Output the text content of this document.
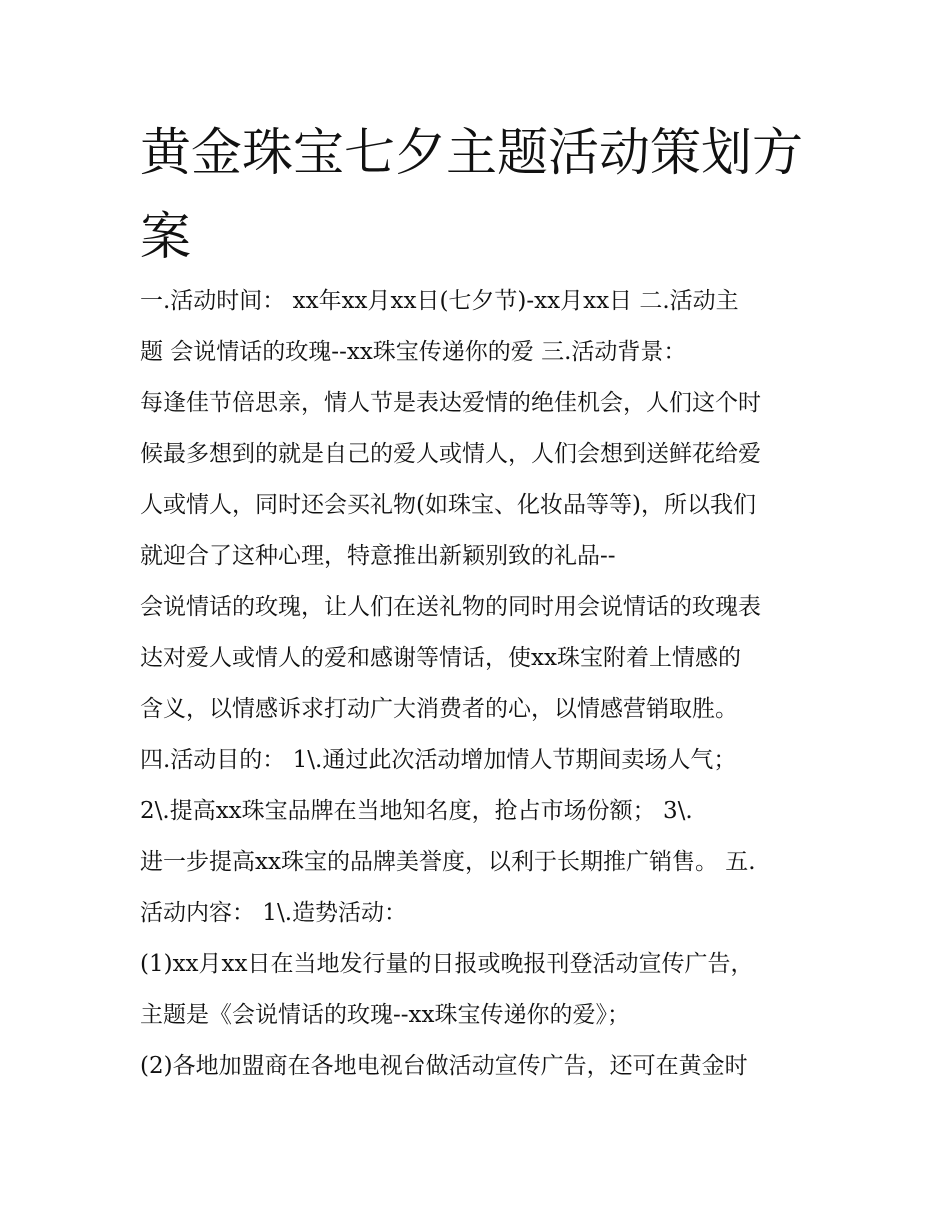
黄金珠宝七夕主题活动策划方
案
一.活动时间： xx年xx月xx日(七夕节)-xx月xx日 二.活动主
题 会说情话的玫瑰--xx珠宝传递你的爱 三.活动背景：
每逢佳节倍思亲，情人节是表达爱情的绝佳机会，人们这个时
候最多想到的就是自己的爱人或情人，人们会想到送鲜花给爱
人或情人，同时还会买礼物(如珠宝、化妆品等等)，所以我们
就迎合了这种心理，特意推出新颖别致的礼品--
会说情话的玫瑰，让人们在送礼物的同时用会说情话的玫瑰表
达对爱人或情人的爱和感谢等情话，使xx珠宝附着上情感的
含义，以情感诉求打动广大消费者的心，以情感营销取胜。
四.活动目的： 1\.通过此次活动增加情人节期间卖场人气；
2\.提高xx珠宝品牌在当地知名度，抢占市场份额； 3\.
进一步提高xx珠宝的品牌美誉度，以利于长期推广销售。 五.
活动内容： 1\.造势活动：
(1)xx月xx日在当地发行量的日报或晚报刊登活动宣传广告，
主题是《会说情话的玫瑰--xx珠宝传递你的爱》；
(2)各地加盟商在各地电视台做活动宣传广告，还可在黄金时
